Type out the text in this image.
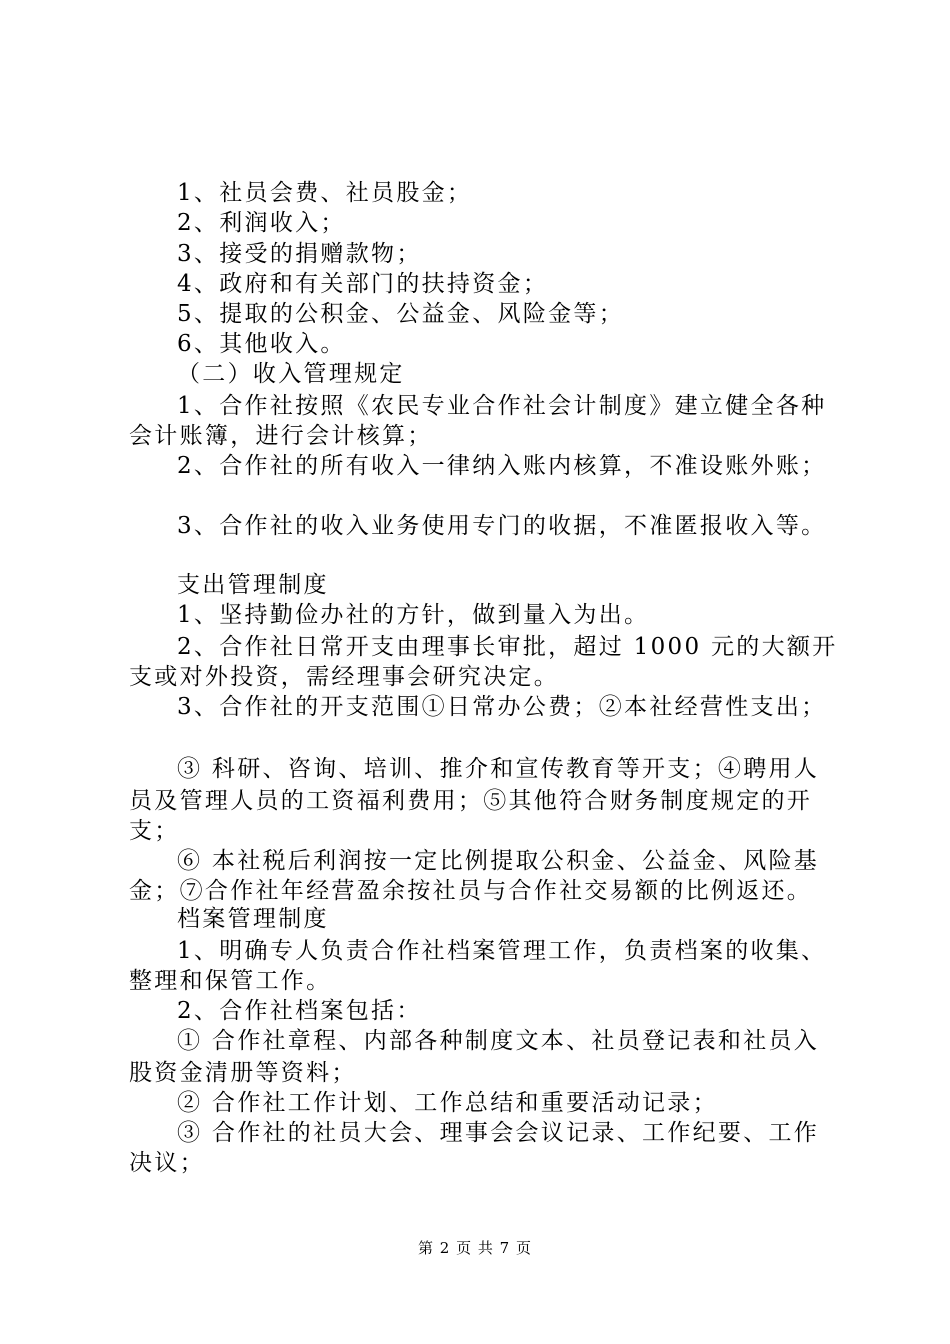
1、社员会费、社员股金；
2、利润收入；
3、接受的捐赠款物；
4、政府和有关部门的扶持资金；
5、提取的公积金、公益金、风险金等；
6、其他收入。
（二）收入管理规定
1、合作社按照《农民专业合作社会计制度》建立健全各种
会计账簿，进行会计核算；
2、合作社的所有收入一律纳入账内核算，不准设账外账；
3、合作社的收入业务使用专门的收据，不准匿报收入等。
支出管理制度
1、坚持勤俭办社的方针，做到量入为出。
2、合作社日常开支由理事长审批，超过 1000 元的大额开
支或对外投资，需经理事会研究决定。
3、合作社的开支范围①日常办公费；②本社经营性支出；
③ 科研、咨询、培训、推介和宣传教育等开支；④聘用人
员及管理人员的工资福利费用；⑤其他符合财务制度规定的开
支；
⑥ 本社税后利润按一定比例提取公积金、公益金、风险基
金；⑦合作社年经营盈余按社员与合作社交易额的比例返还。
档案管理制度
1、明确专人负责合作社档案管理工作，负责档案的收集、
整理和保管工作。
2、合作社档案包括：
① 合作社章程、内部各种制度文本、社员登记表和社员入
股资金清册等资料；
② 合作社工作计划、工作总结和重要活动记录；
③ 合作社的社员大会、理事会会议记录、工作纪要、工作
决议；
第 2 页 共 7 页
